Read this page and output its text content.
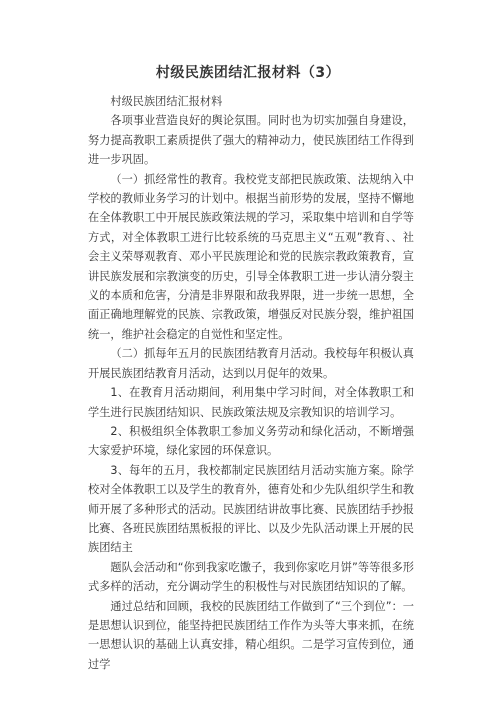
村级民族团结汇报材料（3）

村级民族团结汇报材料

各项事业营造良好的舆论氛围。同时也为切实加强自身建设，努力提高教职工素质提供了强大的精神动力，使民族团结工作得到进一步巩固。

（一）抓经常性的教育。我校党支部把民族政策、法规纳入中学校的教师业务学习的计划中。根据当前形势的发展，坚持不懈地在全体教职工中开展民族政策法规的学习，采取集中培训和自学等方式，对全体教职工进行比较系统的马克思主义“五观”教育、、社会主义荣辱观教育、邓小平民族理论和党的民族宗教政策教育，宣讲民族发展和宗教演变的历史，引导全体教职工进一步认清分裂主义的本质和危害，分清是非界限和敌我界限，进一步统一思想，全面正确地理解党的民族、宗教政策，增强反对民族分裂，维护祖国统一，维护社会稳定的自觉性和坚定性。

（二）抓每年五月的民族团结教育月活动。我校每年积极认真开展民族团结教育月活动，达到以月促年的效果。

1、在教育月活动期间，利用集中学习时间，对全体教职工和学生进行民族团结知识、民族政策法规及宗教知识的培训学习。

2、积极组织全体教职工参加义务劳动和绿化活动，不断增强大家爱护环境，绿化家园的环保意识。

3、每年的五月，我校都制定民族团结月活动实施方案。除学校对全体教职工以及学生的教育外，德育处和少先队组织学生和教师开展了多种形式的活动。民族团结讲故事比赛、民族团结手抄报比赛、各班民族团结黑板报的评比、以及少先队活动课上开展的民族团结主

题队会活动和“你到我家吃馓子，我到你家吃月饼”等等很多形式多样的活动，充分调动学生的积极性与对民族团结知识的了解。

通过总结和回顾，我校的民族团结工作做到了“三个到位”：一是思想认识到位，能坚持把民族团结工作作为头等大事来抓，在统一思想认识的基础上认真安排，精心组织。二是学习宣传到位，通过学
